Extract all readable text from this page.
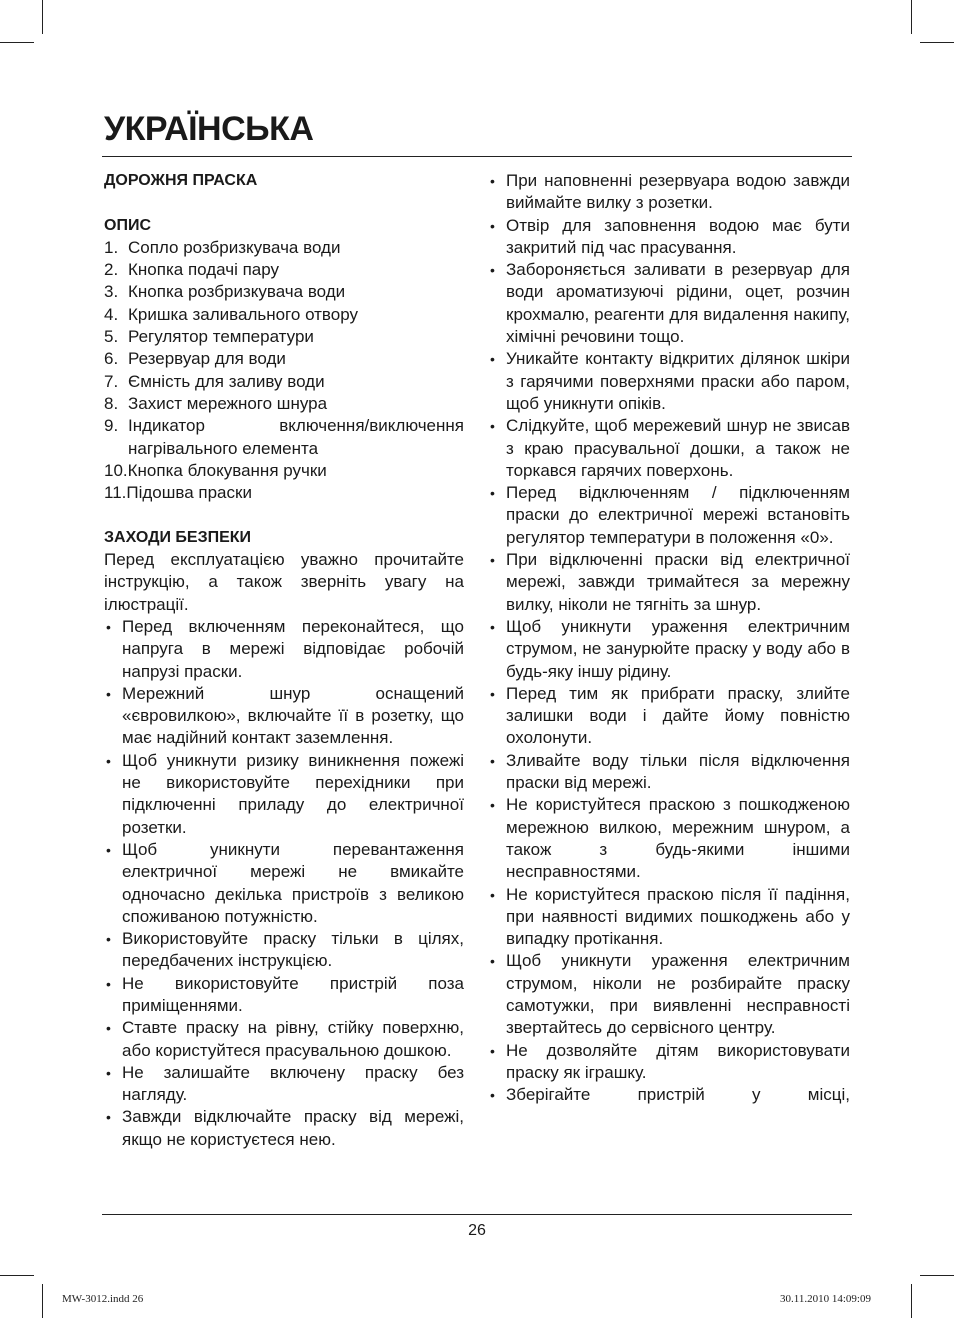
УКРАЇНСЬКА
ДОРОЖНЯ ПРАСКА
ОПИС
1. Сопло розбризкувача води
2. Кнопка подачі пару
3. Кнопка розбризкувача води
4. Кришка заливального отвору
5. Регулятор температури
6. Резервуар для води
7. Ємність для заливу води
8. Захист мережного шнура
9. Індикатор включення/виключення нагрівального елемента
10.Кнопка блокування ручки
11.Підошва праски
ЗАХОДИ БЕЗПЕКИ

Перед експлуатацією уважно прочитайте інструкцію, а також зверніть увагу на ілюстрації.

• Перед включенням переконайтеся, що напруга в мережі відповідає робочій напрузі праски.
• Мережний шнур оснащений «євровилкою», включайте її в розетку, що має надійний контакт заземлення.
• Щоб уникнути ризику виникнення пожежі не використовуйте перехідники при підключенні приладу до електричної розетки.
• Щоб уникнути перевантаження електричної мережі не вмикайте одночасно декілька пристроїв з великою споживаною потужністю.
• Використовуйте праску тільки в цілях, передбачених інструкцією.
• Не використовуйте пристрій поза приміщеннями.
• Ставте праску на рівну, стійку поверхню, або користуйтеся прасувальною дошкою.
• Не залишайте включену праску без нагляду.
• Завжди відключайте праску від мережі, якщо не користуєтеся нею.
• При наповненні резервуара водою завжди виймайте вилку з розетки.
• Отвір для заповнення водою має бути закритий під час прасування.
• Забороняється заливати в резервуар для води ароматизуючі рідини, оцет, розчин крохмалю, реагенти для видалення накипу, хімічні речовини тощо.
• Уникайте контакту відкритих ділянок шкіри з гарячими поверхнями праски або паром, щоб уникнути опіків.
• Слідкуйте, щоб мережевий шнур не звисав з краю прасувальної дошки, а також не торкався гарячих поверхонь.
• Перед відключенням / підключенням праски до електричної мережі встановіть регулятор температури в положення «0».
• При відключенні праски від електричної мережі, завжди тримайтеся за мережну вилку, ніколи не тягніть за шнур.
• Щоб уникнути ураження електричним струмом, не занурюйте праску у воду або в будь-яку іншу рідину.
• Перед тим як прибрати праску, злийте залишки води і дайте йому повністю охолонути.
• Зливайте воду тільки після відключення праски від мережі.
• Не користуйтеся праскою з пошкодженою мережною вилкою, мережним шнуром, а також з будь-якими іншими несправностями.
• Не користуйтеся праскою після її падіння, при наявності видимих пошкоджень або у випадку протікання.
• Щоб уникнути ураження електричним струмом, ніколи не розбирайте праску самотужки, при виявленні несправності звертайтесь до сервісного центру.
• Не дозволяйте дітям використовувати праску як іграшку.
• Зберігайте пристрій у місці,
26
MW-3012.indd 26	30.11.2010 14:09:09
